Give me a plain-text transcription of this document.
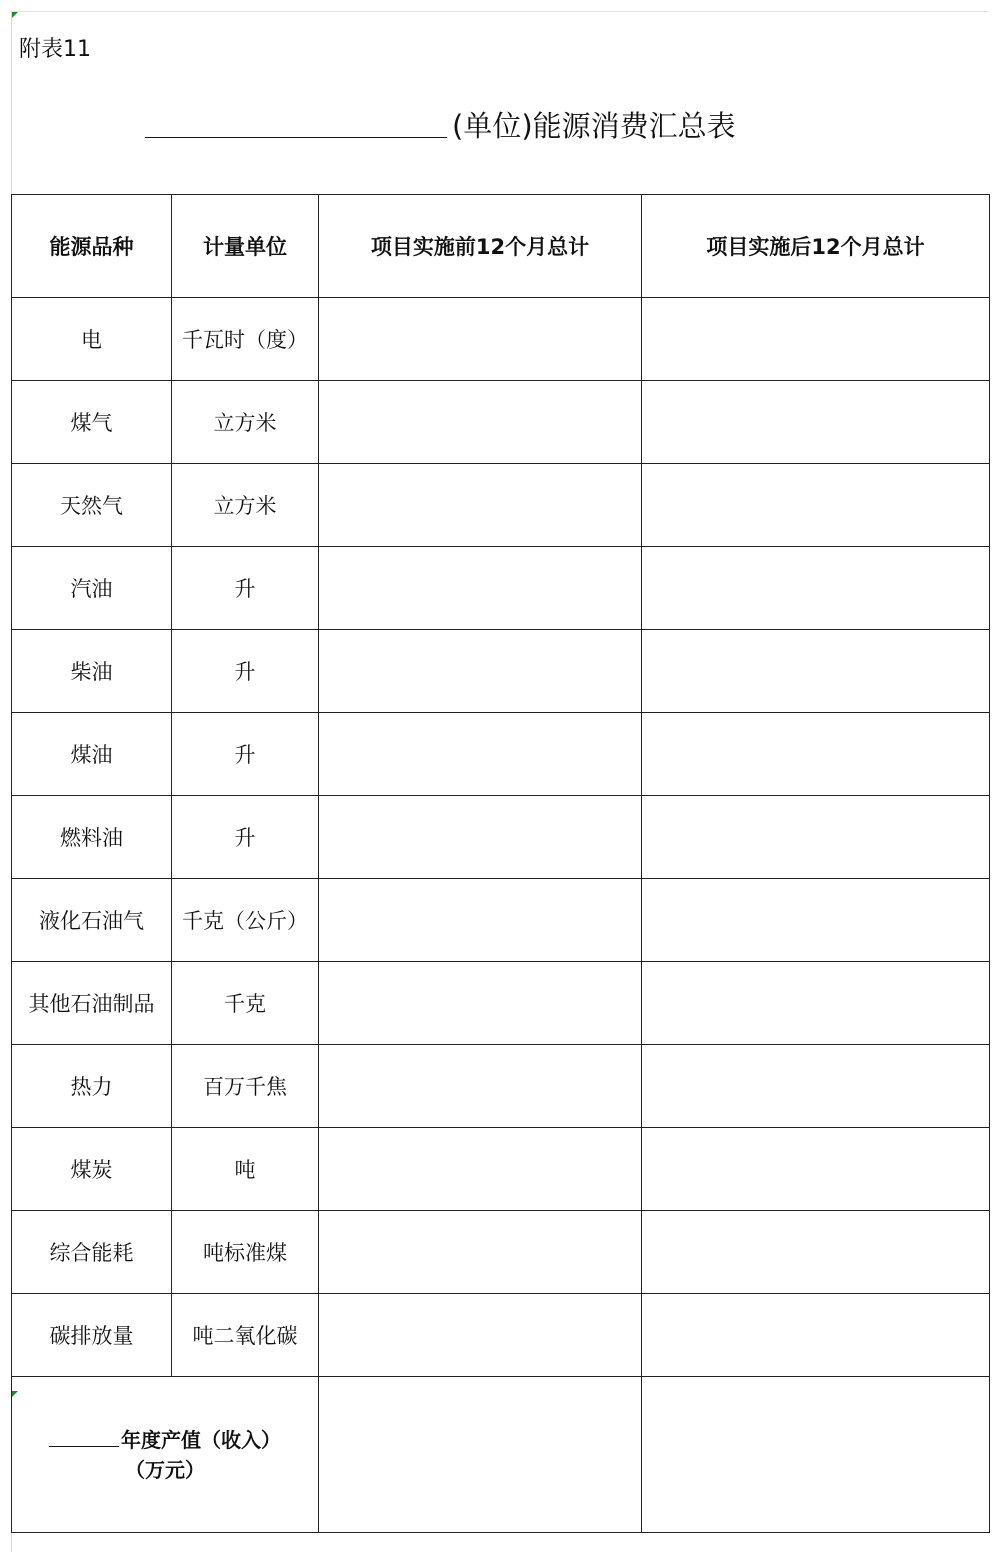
附表11
(单位)能源消费汇总表
能源品种	计量单位	项目实施前12个月总计	项目实施后12个月总计
电	千瓦时（度）		
煤气	立方米		
天然气	立方米		
汽油	升		
柴油	升		
煤油	升		
燃料油	升		
液化石油气	千克（公斤）		
其他石油制品	千克		
热力	百万千焦		
煤炭	吨		
综合能耗	吨标准煤		
碳排放量	吨二氧化碳		
年度产值（收入）
（万元）			
